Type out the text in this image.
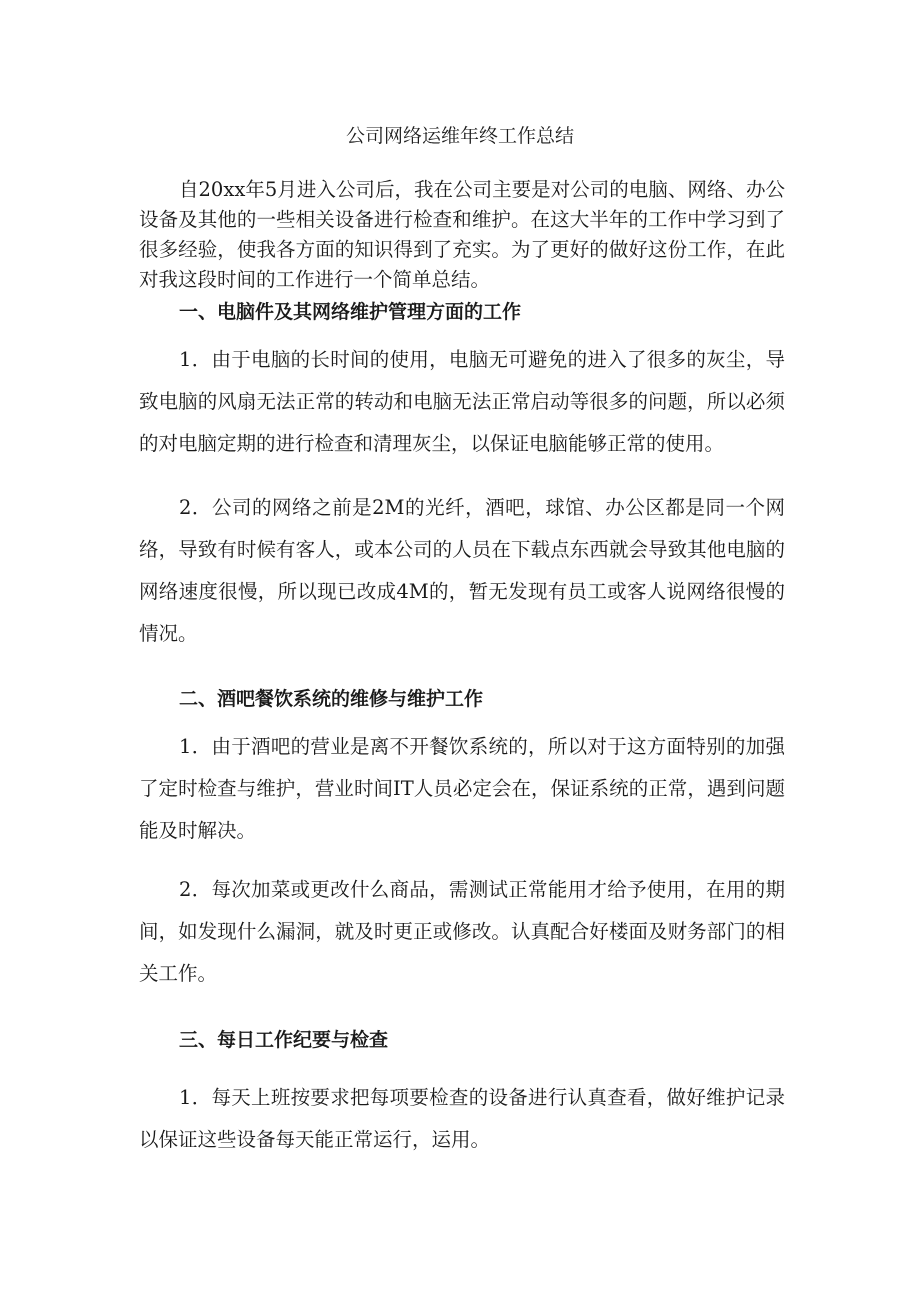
公司网络运维年终工作总结

自20xx年5月进入公司后，我在公司主要是对公司的电脑、网络、办公设备及其他的一些相关设备进行检查和维护。在这大半年的工作中学习到了很多经验，使我各方面的知识得到了充实。为了更好的做好这份工作，在此对我这段时间的工作进行一个简单总结。

一、电脑件及其网络维护管理方面的工作

1．由于电脑的长时间的使用，电脑无可避免的进入了很多的灰尘，导致电脑的风扇无法正常的转动和电脑无法正常启动等很多的问题，所以必须的对电脑定期的进行检查和清理灰尘，以保证电脑能够正常的使用。

2．公司的网络之前是2M的光纤，酒吧，球馆、办公区都是同一个网络，导致有时候有客人，或本公司的人员在下载点东西就会导致其他电脑的网络速度很慢，所以现已改成4M的，暂无发现有员工或客人说网络很慢的情况。

二、酒吧餐饮系统的维修与维护工作

1．由于酒吧的营业是离不开餐饮系统的，所以对于这方面特别的加强了定时检查与维护，营业时间IT人员必定会在，保证系统的正常，遇到问题能及时解决。

2．每次加菜或更改什么商品，需测试正常能用才给予使用，在用的期间，如发现什么漏洞，就及时更正或修改。认真配合好楼面及财务部门的相关工作。

三、每日工作纪要与检查

1．每天上班按要求把每项要检查的设备进行认真查看，做好维护记录以保证这些设备每天能正常运行，运用。
